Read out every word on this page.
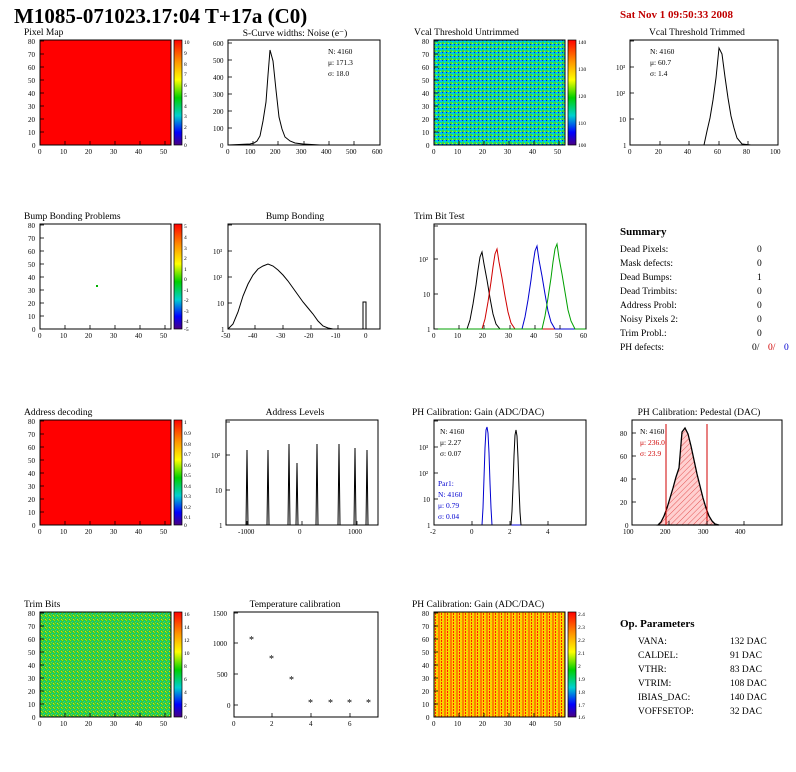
M1085-071023.17:04 T+17a (C0)	Sat Nov 1 09:50:33 2008
Pixel Map
0	10	20	30	40	50
0
10
20
30
40
50
60
70
80	10
9
8
7
6
5
4
3
2
1
0
S-Curve widths: Noise (e⁻)
0 100 200 300 400 500 600
0
100
200
300
400
500
600
N: 4160
μ: 171.3
σ: 18.0
Vcal Threshold Untrimmed
0	10	20	30	40	50
0
10
20
30
40
50
60
70
80	140
130
120
110
100
Vcal Threshold Trimmed
0	20	40	60	80	100
1
10
10²
10³
N: 4160
μ: 60.7
σ: 1.4
Bump Bonding Problems
0	10	20	30	40	50
0
10
20
30
40
50
60
70
80	5
4
3
2
1
0
-1
-2
-3
-4
-5
Bump Bonding
-50	-40	-30	-20	-10	0
1
10
10²
10³
Trim Bit Test
0	10	20	30	40	50	60
1
10
10²
Summary
Dead Pixels:	0
Mask defects:	0
Dead Bumps:	1
Dead Trimbits:	0
Address Probl:	0
Noisy Pixels 2:	0
Trim Probl.:	0
PH defects:	0/ 0/ 0
Address decoding
0	10	20	30	40	50
0
10
20
30
40
50
60
70
80	1
0.9
0.8
0.7
0.6
0.5
0.4
0.3
0.2
0.1
0
Address Levels
-1000	0	1000
1
10
10²
PH Calibration: Gain (ADC/DAC)
-2	0	2	4
1
10
10²
10³
N: 4160
μ: 2.27
σ: 0.07
Par1:
N: 4160
μ: 0.79
σ: 0.04
PH Calibration: Pedestal (DAC)
100	200	300	400
0
20
40
60
80 N: 4160
μ: 236.0
σ: 23.9
Trim Bits
0	10	20	30	40	50
0
10
20
30
40
50
60
70
80	16
14
12
10
8
6
4
2
0
Temperature calibration
*
*
*
* * * *
0	2	4	6
0
500
1000
1500
PH Calibration: Gain (ADC/DAC)
0	10	20	30	40	50
0
10
20
30
40
50
60
70
80	2.4
2.3
2.2
2.1
2
1.9
1.8
1.7
1.6
Op. Parameters
VANA:	132 DAC
CALDEL:	91 DAC
VTHR:	83 DAC
VTRIM:	108 DAC
IBIAS_DAC:	140 DAC
VOFFSETOP:	32 DAC
